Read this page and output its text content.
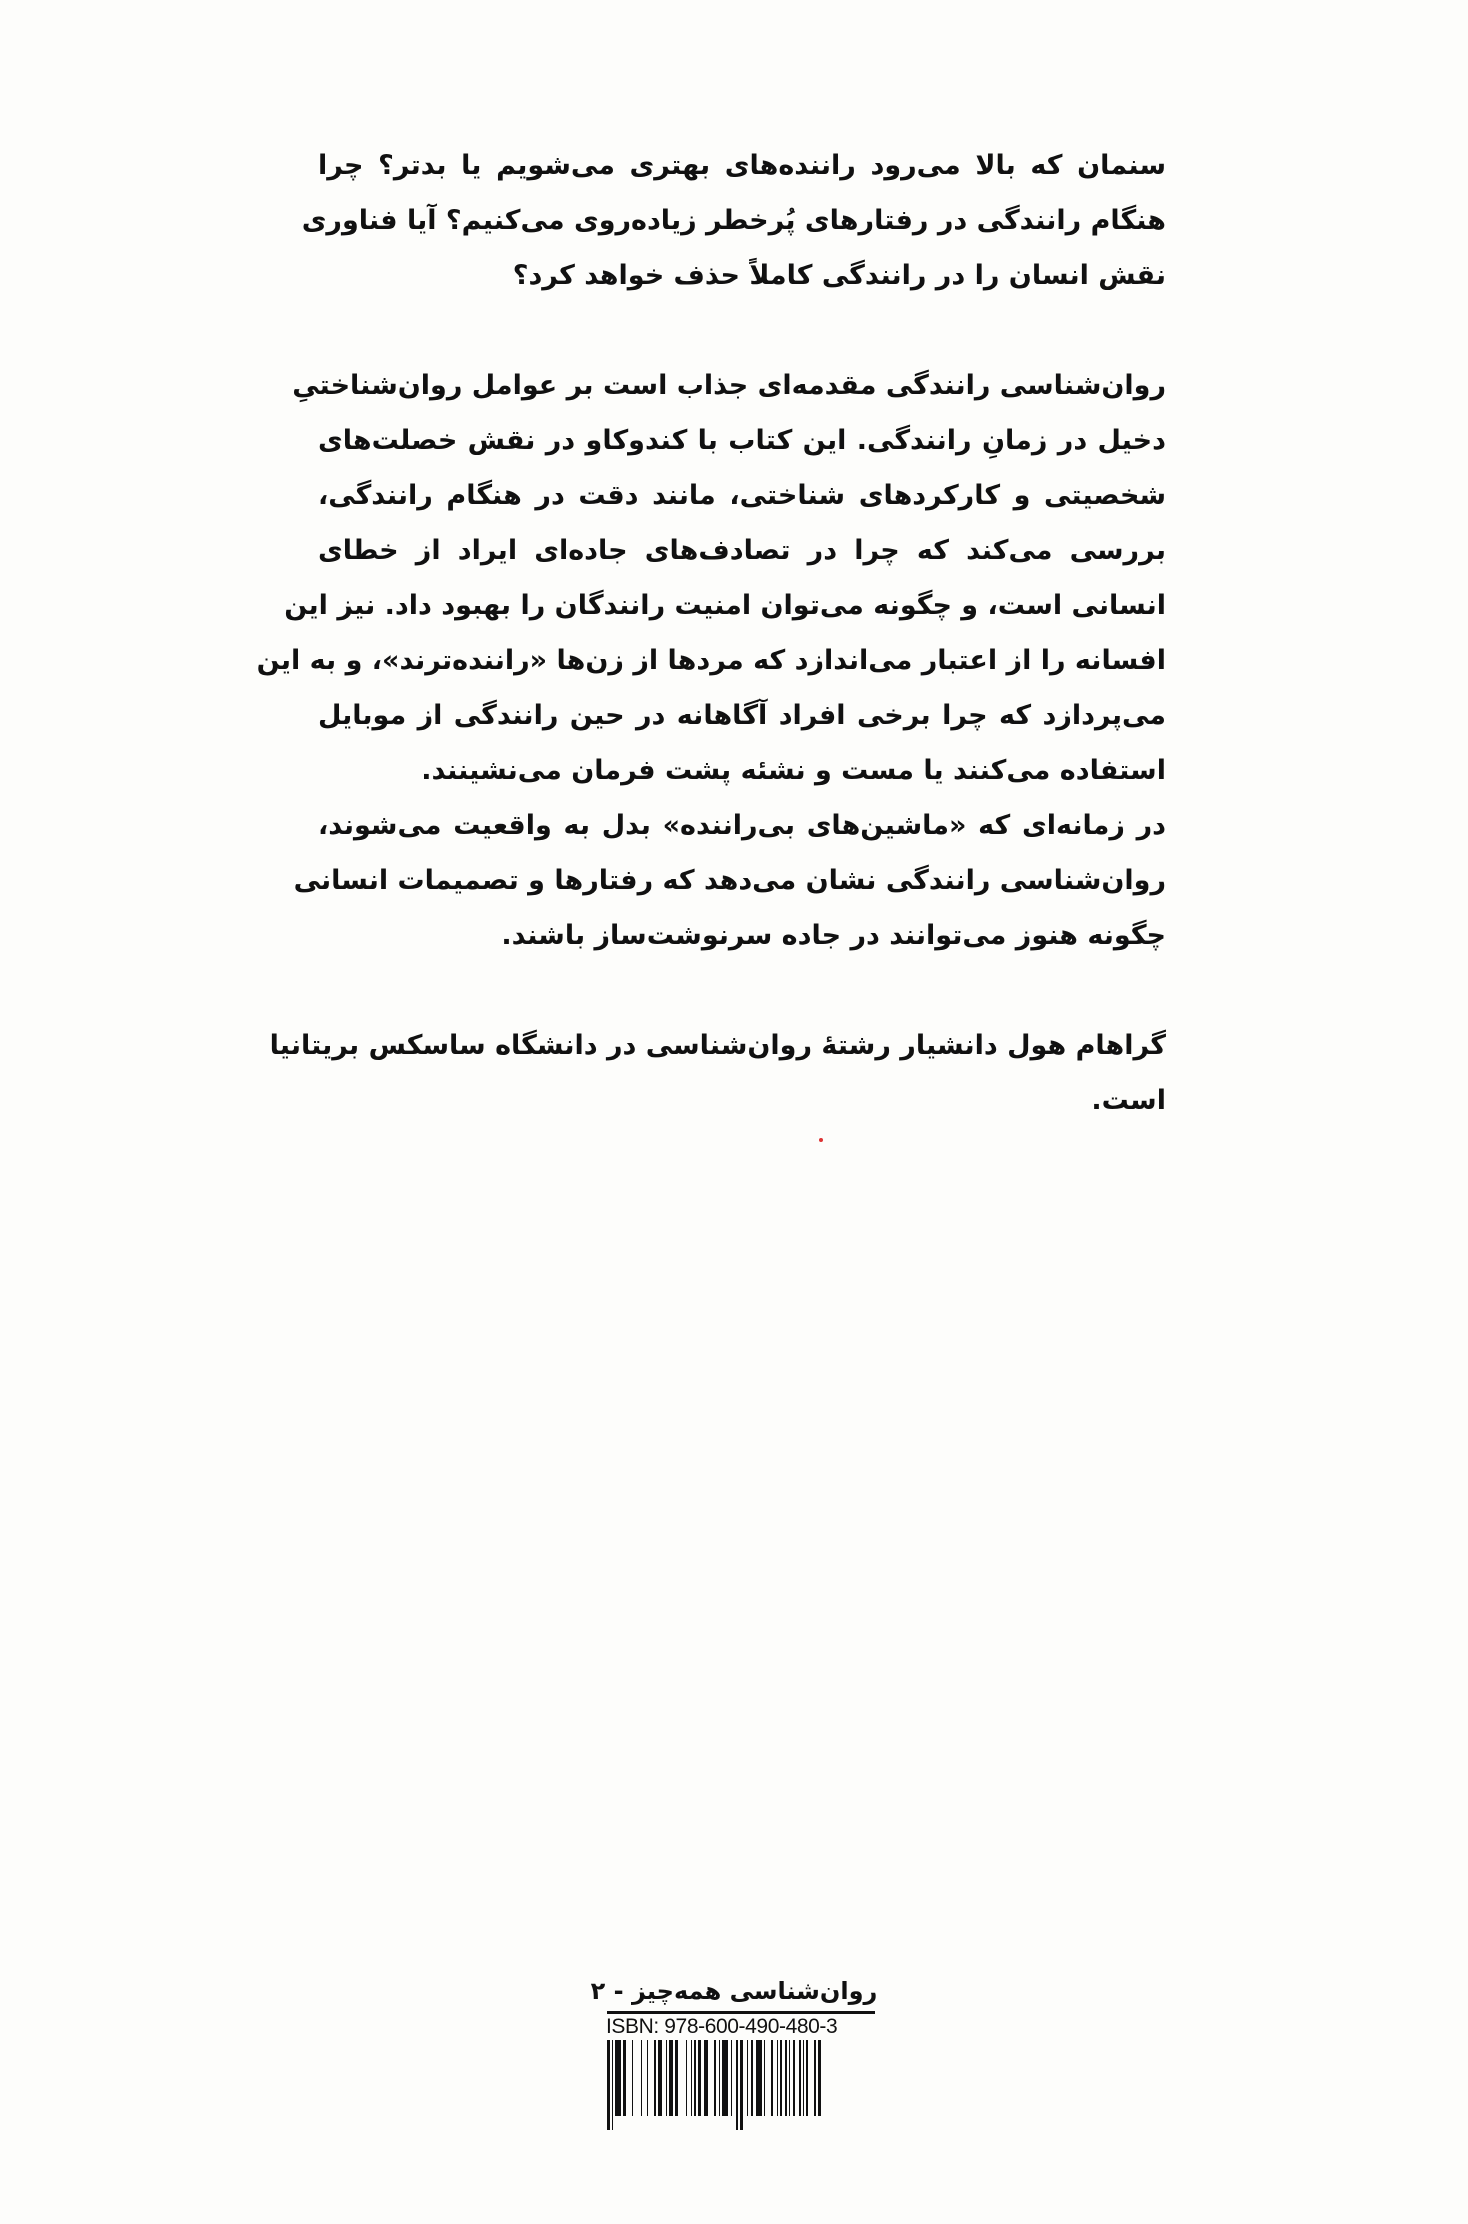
سنمان که بالا می‌رود راننده‌های بهتری می‌شویم یا بدتر؟ چرا
هنگام رانندگی در رفتارهای پُرخطر زیاده‌روی می‌کنیم؟ آیا فناوری
نقش انسان را در رانندگی کاملاً حذف خواهد کرد؟
روان‌شناسی رانندگی مقدمه‌ای جذاب است بر عوامل روان‌شناختیِ
دخیل در زمانِ رانندگی. این کتاب با کندوکاو در نقش خصلت‌های
شخصیتی و کارکردهای شناختی، مانند دقت در هنگام رانندگی،
بررسی می‌کند که چرا در تصادف‌های جاده‌ای ایراد از خطای
انسانی است، و چگونه می‌توان امنیت رانندگان را بهبود داد. نیز این
افسانه را از اعتبار می‌اندازد که مردها از زن‌ها «راننده‌ترند»، و به این
می‌پردازد که چرا برخی افراد آگاهانه در حین رانندگی از موبایل
استفاده می‌کنند یا مست و نشئه پشت فرمان می‌نشینند.
در زمانه‌ای که «ماشین‌های بی‌راننده» بدل به واقعیت می‌شوند،
روان‌شناسی رانندگی نشان می‌دهد که رفتارها و تصمیمات انسانی
چگونه هنوز می‌توانند در جاده سرنوشت‌ساز باشند.
گراهام هول دانشیار رشتهٔ روان‌شناسی در دانشگاه ساسکس بریتانیا
است.
روان‌شناسی همه‌چیز - ۲
ISBN: 978-600-490-480-3
